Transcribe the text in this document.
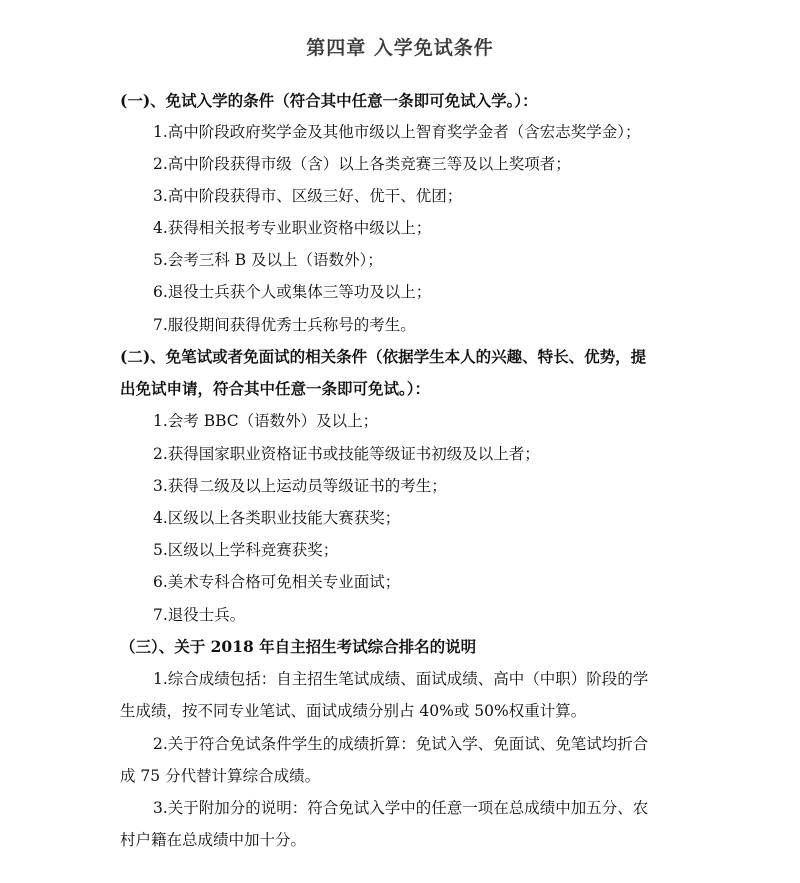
第四章 入学免试条件
(一)、免试入学的条件（符合其中任意一条即可免试入学。）：
1.高中阶段政府奖学金及其他市级以上智育奖学金者（含宏志奖学金）；
2.高中阶段获得市级（含）以上各类竞赛三等及以上奖项者；
3.高中阶段获得市、区级三好、优干、优团；
4.获得相关报考专业职业资格中级以上；
5.会考三科 B 及以上（语数外）；
6.退役士兵获个人或集体三等功及以上；
7.服役期间获得优秀士兵称号的考生。
(二)、免笔试或者免面试的相关条件（依据学生本人的兴趣、特长、优势，提
出免试申请，符合其中任意一条即可免试。）：
1.会考 BBC（语数外）及以上；
2.获得国家职业资格证书或技能等级证书初级及以上者；
3.获得二级及以上运动员等级证书的考生；
4.区级以上各类职业技能大赛获奖；
5.区级以上学科竞赛获奖；
6.美术专科合格可免相关专业面试；
7.退役士兵。
（三）、关于 2018 年自主招生考试综合排名的说明
1.综合成绩包括：自主招生笔试成绩、面试成绩、高中（中职）阶段的学
生成绩，按不同专业笔试、面试成绩分别占 40%或 50%权重计算。
2.关于符合免试条件学生的成绩折算：免试入学、免面试、免笔试均折合
成 75 分代替计算综合成绩。
3.关于附加分的说明：符合免试入学中的任意一项在总成绩中加五分、农
村户籍在总成绩中加十分。
